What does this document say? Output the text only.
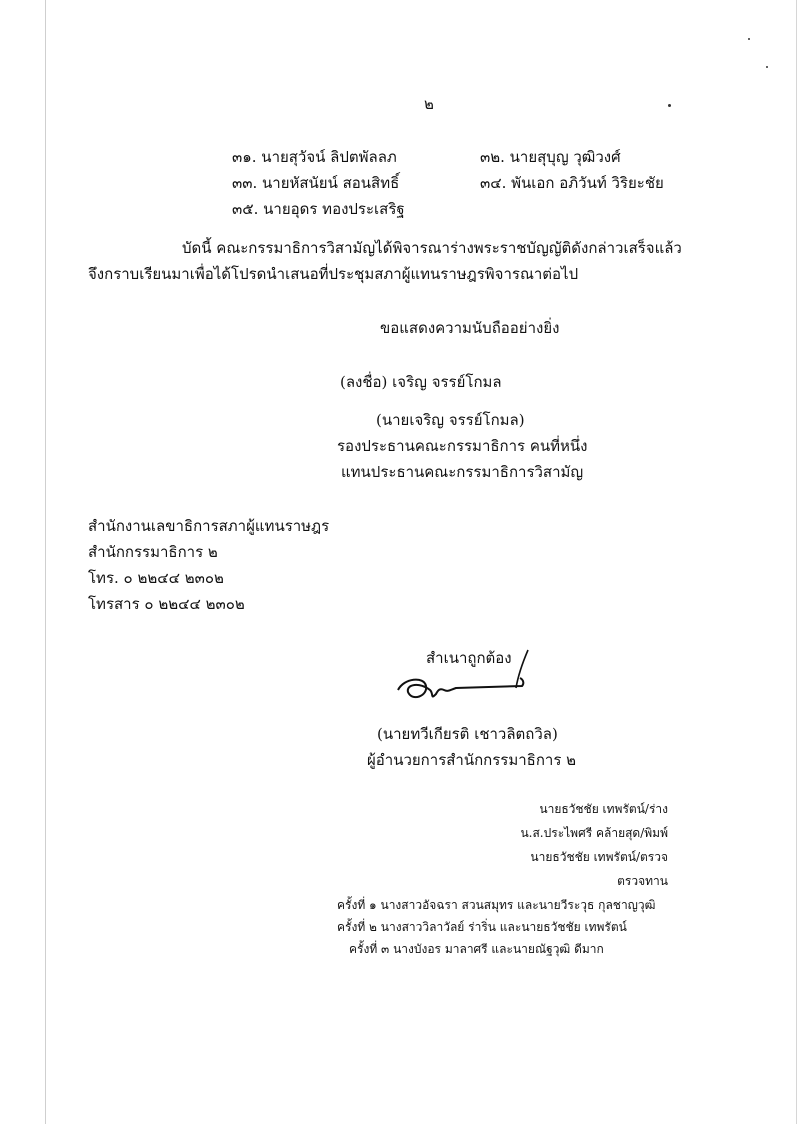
๒
๓๑. นายสุวัจน์ ลิปตพัลลภ	๓๒. นายสุบุญ วุฒิวงศ์
๓๓. นายหัสนัยน์ สอนสิทธิ์	๓๔. พันเอก อภิวันท์ วิริยะชัย
๓๕. นายอุดร ทองประเสริฐ
บัดนี้ คณะกรรมาธิการวิสามัญได้พิจารณาร่างพระราชบัญญัติดังกล่าวเสร็จแล้ว
จึงกราบเรียนมาเพื่อได้โปรดนำเสนอที่ประชุมสภาผู้แทนราษฎรพิจารณาต่อไป
ขอแสดงความนับถืออย่างยิ่ง
(ลงชื่อ) เจริญ จรรย์โกมล
(นายเจริญ จรรย์โกมล)
รองประธานคณะกรรมาธิการ คนที่หนึ่ง
แทนประธานคณะกรรมาธิการวิสามัญ
สำนักงานเลขาธิการสภาผู้แทนราษฎร
สำนักกรรมาธิการ ๒
โทร. ๐ ๒๒๔๔ ๒๓๐๒
โทรสาร ๐ ๒๒๔๔ ๒๓๐๒
สำเนาถูกต้อง
(นายทวีเกียรติ เชาวลิตถวิล)
ผู้อำนวยการสำนักกรรมาธิการ ๒
นายธวัชชัย เทพรัตน์/ร่าง
น.ส.ประไพศรี คล้ายสุด/พิมพ์
นายธวัชชัย เทพรัตน์/ตรวจ
ตรวจทาน
ครั้งที่ ๑ นางสาวอัจฉรา สวนสมุทร และนายวีระวุธ กุลชาญวุฒิ
ครั้งที่ ๒ นางสาววิลาวัลย์ ร่าริ่น และนายธวัชชัย เทพรัตน์
ครั้งที่ ๓ นางบังอร มาลาศรี และนายณัฐวุฒิ ดีมาก
